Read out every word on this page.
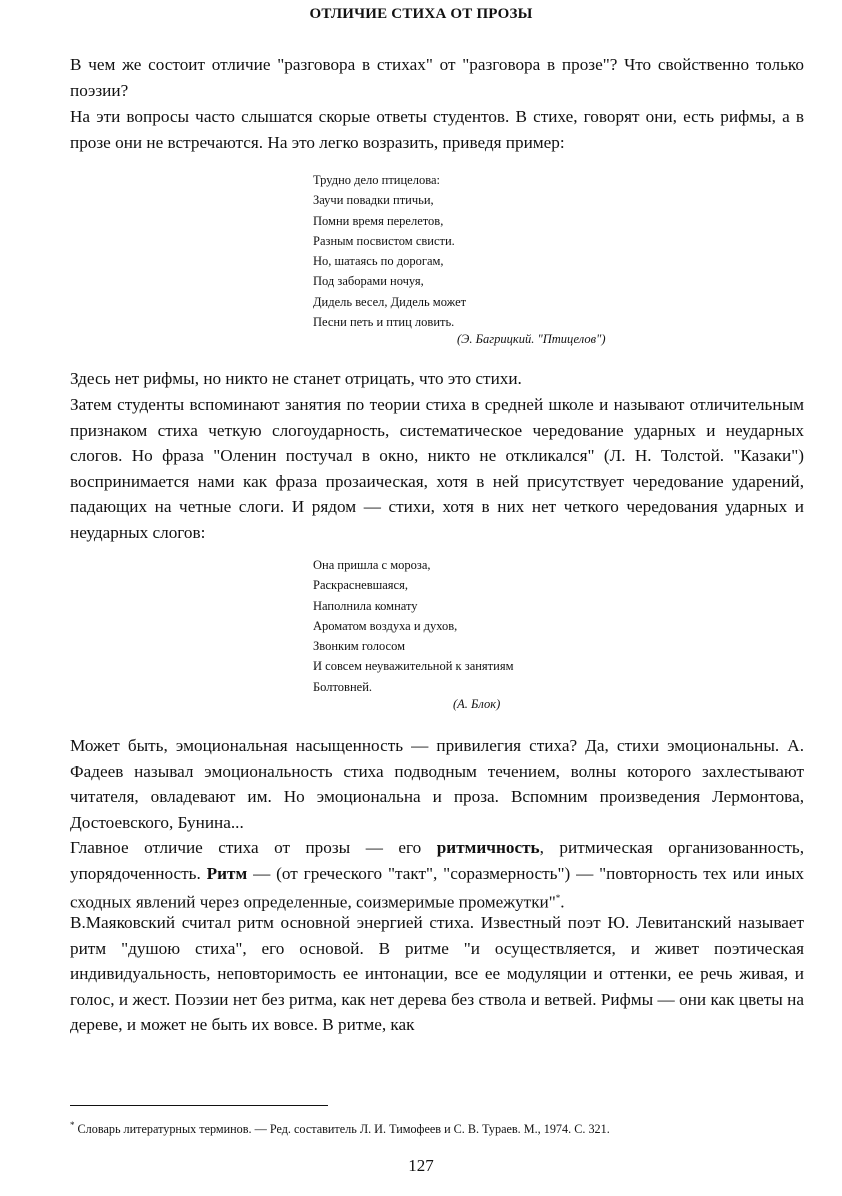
ОТЛИЧИЕ СТИХА ОТ ПРОЗЫ

В чем же состоит отличие "разговора в стихах" от "разговора в прозе"? Что свойственно только поэзии?

На эти вопросы часто слышатся скорые ответы студентов. В стихе, говорят они, есть рифмы, а в прозе они не встречаются. На это легко возразить, приведя пример:

Трудно дело птицелова:
Заучи повадки птичьи,
Помни время перелетов,
Разным посвистом свисти.
Но, шатаясь по дорогам,
Под заборами ночуя,
Дидель весел, Дидель может
Песни петь и птиц ловить.
(Э. Багрицкий. "Птицелов")

Здесь нет рифмы, но никто не станет отрицать, что это стихи.

Затем студенты вспоминают занятия по теории стиха в средней школе и называют отличительным признаком стиха четкую слогоударность, систематическое чередование ударных и неударных слогов. Но фраза "Оленин постучал в окно, никто не откликался" (Л. Н. Толстой. "Казаки") воспринимается нами как фраза прозаическая, хотя в ней присутствует чередование ударений, падающих на четные слоги. И рядом — стихи, хотя в них нет четкого чередования ударных и неударных слогов:

Она пришла с мороза,
Раскрасневшаяся,
Наполнила комнату
Ароматом воздуха и духов,
Звонким голосом
И совсем неуважительной к занятиям
Болтовней.
(А. Блок)

Может быть, эмоциональная насыщенность — привилегия стиха? Да, стихи эмоциональны. А. Фадеев называл эмоциональность стиха подводным течением, волны которого захлестывают читателя, овладевают им. Но эмоциональна и проза. Вспомним произведения Лермонтова, Достоевского, Бунина...

Главное отличие стиха от прозы — его ритмичность, ритмическая организованность, упорядоченность. Ритм — (от греческого "такт", "соразмерность") — "повторность тех или иных сходных явлений через определенные, соизмеримые промежутки"*.

В.Маяковский считал ритм основной энергией стиха. Известный поэт Ю. Левитанский называет ритм "душою стиха", его основой. В ритме "и осуществляется, и живет поэтическая индивидуальность, неповторимость ее интонации, все ее модуляции и оттенки, ее речь живая, и голос, и жест. Поэзии нет без ритма, как нет дерева без ствола и ветвей. Рифмы — они как цветы на дереве, и может не быть их вовсе. В ритме, как

* Словарь литературных терминов. — Ред. составитель Л. И. Тимофеев и С. В. Тураев. М., 1974. С. 321.
127
